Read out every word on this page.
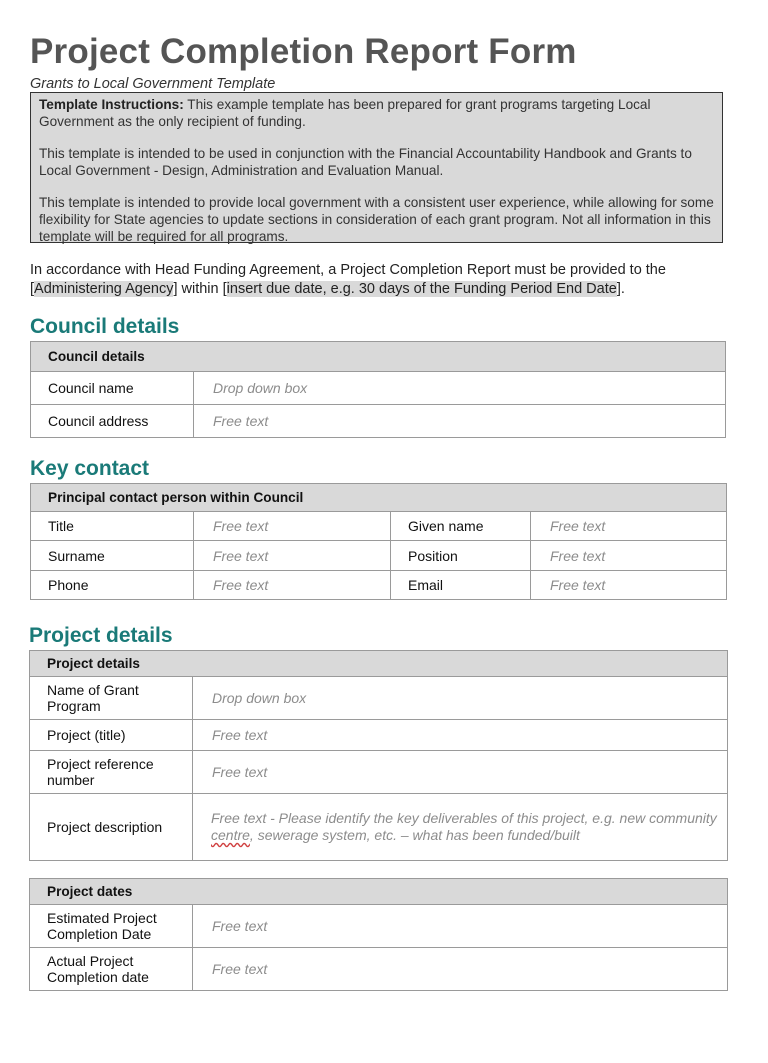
Project Completion Report Form
Grants to Local Government Template

Template Instructions: This example template has been prepared for grant programs targeting Local Government as the only recipient of funding.

This template is intended to be used in conjunction with the Financial Accountability Handbook and Grants to Local Government - Design, Administration and Evaluation Manual.

This template is intended to provide local government with a consistent user experience, while allowing for some flexibility for State agencies to update sections in consideration of each grant program. Not all information in this template will be required for all programs.

In accordance with Head Funding Agreement, a Project Completion Report must be provided to the [Administering Agency] within [insert due date, e.g. 30 days of the Funding Period End Date].
Council details
Council details	
Council name	Drop down box
Council address	Free text
Key contact
Principal contact person within Council			
Title	Free text	Given name	Free text
Surname	Free text	Position	Free text
Phone	Free text	Email	Free text
Project details
Project details	
Name of Grant Program	Drop down box
Project (title)	Free text
Project reference number	Free text
Project description	Free text - Please identify the key deliverables of this project, e.g. new community centre, sewerage system, etc. – what has been funded/built
Project dates	
Estimated Project Completion Date	Free text
Actual Project Completion date	Free text
